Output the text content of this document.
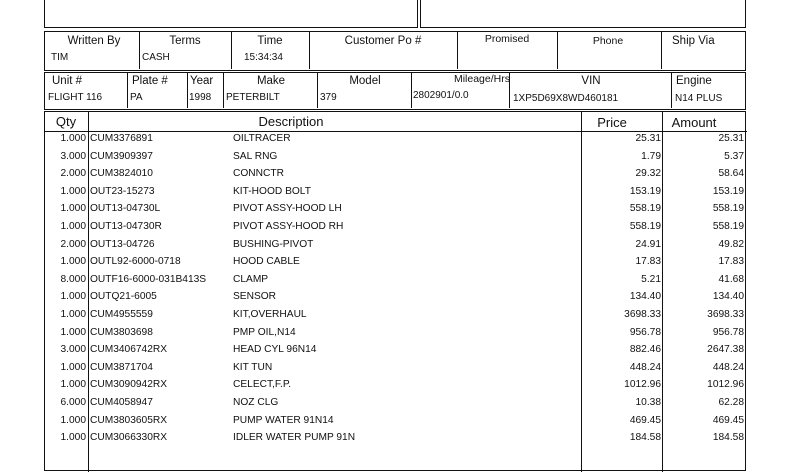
Written By
TIM
Terms
CASH
Time
15:34:34
Customer Po #	Promised	Phone	Ship Via
Unit #
FLIGHT 116
Plate #
PA
Year
1998
Make
PETERBILT
Model
379
Mileage/Hrs
2802901/0.0
VIN
1XP5D69X8WD460181
Engine
N14 PLUS
Qty	Description	Price	Amount
1.000 CUM3376891	OILTRACER	25.31	25.31
3.000 CUM3909397	SAL RNG	1.79	5.37
2.000 CUM3824010	CONNCTR	29.32	58.64
1.000 OUT23-15273	KIT-HOOD BOLT	153.19	153.19
1.000 OUT13-04730L	PIVOT ASSY-HOOD LH	558.19	558.19
1.000 OUT13-04730R	PIVOT ASSY-HOOD RH	558.19	558.19
2.000 OUT13-04726	BUSHING-PIVOT	24.91	49.82
1.000 OUTL92-6000-0718	HOOD CABLE	17.83	17.83
8.000 OUTF16-6000-031B413S	CLAMP	5.21	41.68
1.000 OUTQ21-6005	SENSOR	134.40	134.40
1.000 CUM4955559	KIT,OVERHAUL	3698.33	3698.33
1.000 CUM3803698	PMP OIL,N14	956.78	956.78
3.000 CUM3406742RX	HEAD CYL 96N14	882.46	2647.38
1.000 CUM3871704	KIT TUN	448.24	448.24
1.000 CUM3090942RX	CELECT,F.P.	1012.96	1012.96
6.000 CUM4058947	NOZ CLG	10.38	62.28
1.000 CUM3803605RX	PUMP WATER 91N14	469.45	469.45
1.000 CUM3066330RX	IDLER WATER PUMP 91N	184.58	184.58
